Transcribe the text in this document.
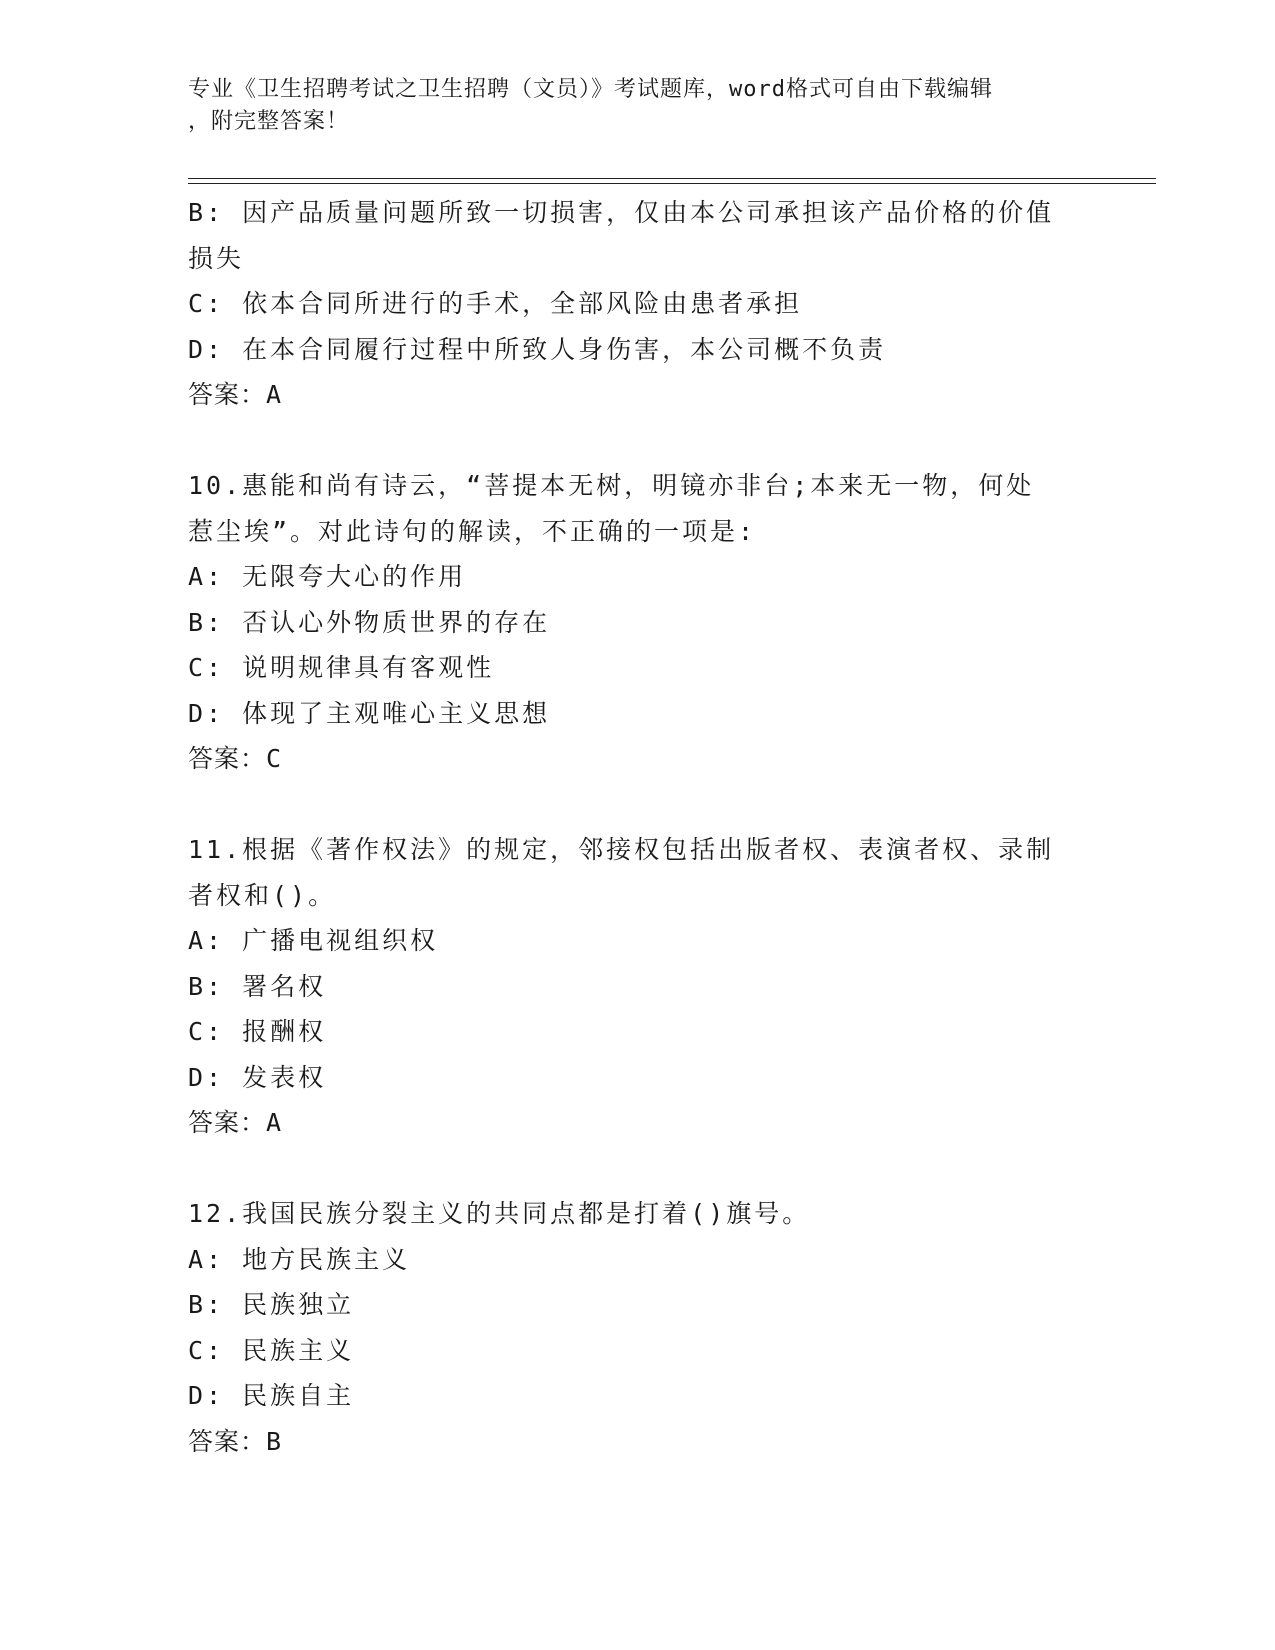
专业《卫生招聘考试之卫生招聘（文员）》考试题库，word格式可自由下载编辑
，附完整答案！
B: 因产品质量问题所致一切损害，仅由本公司承担该产品价格的价值
损失
C: 依本合同所进行的手术，全部风险由患者承担
D: 在本合同履行过程中所致人身伤害，本公司概不负责
答案：A
10.惠能和尚有诗云，“菩提本无树，明镜亦非台;本来无一物，何处
惹尘埃”。对此诗句的解读，不正确的一项是:
A: 无限夸大心的作用
B: 否认心外物质世界的存在
C: 说明规律具有客观性
D: 体现了主观唯心主义思想
答案：C
11.根据《著作权法》的规定，邻接权包括出版者权、表演者权、录制
者权和()。
A: 广播电视组织权
B: 署名权
C: 报酬权
D: 发表权
答案：A
12.我国民族分裂主义的共同点都是打着()旗号。
A: 地方民族主义
B: 民族独立
C: 民族主义
D: 民族自主
答案：B
